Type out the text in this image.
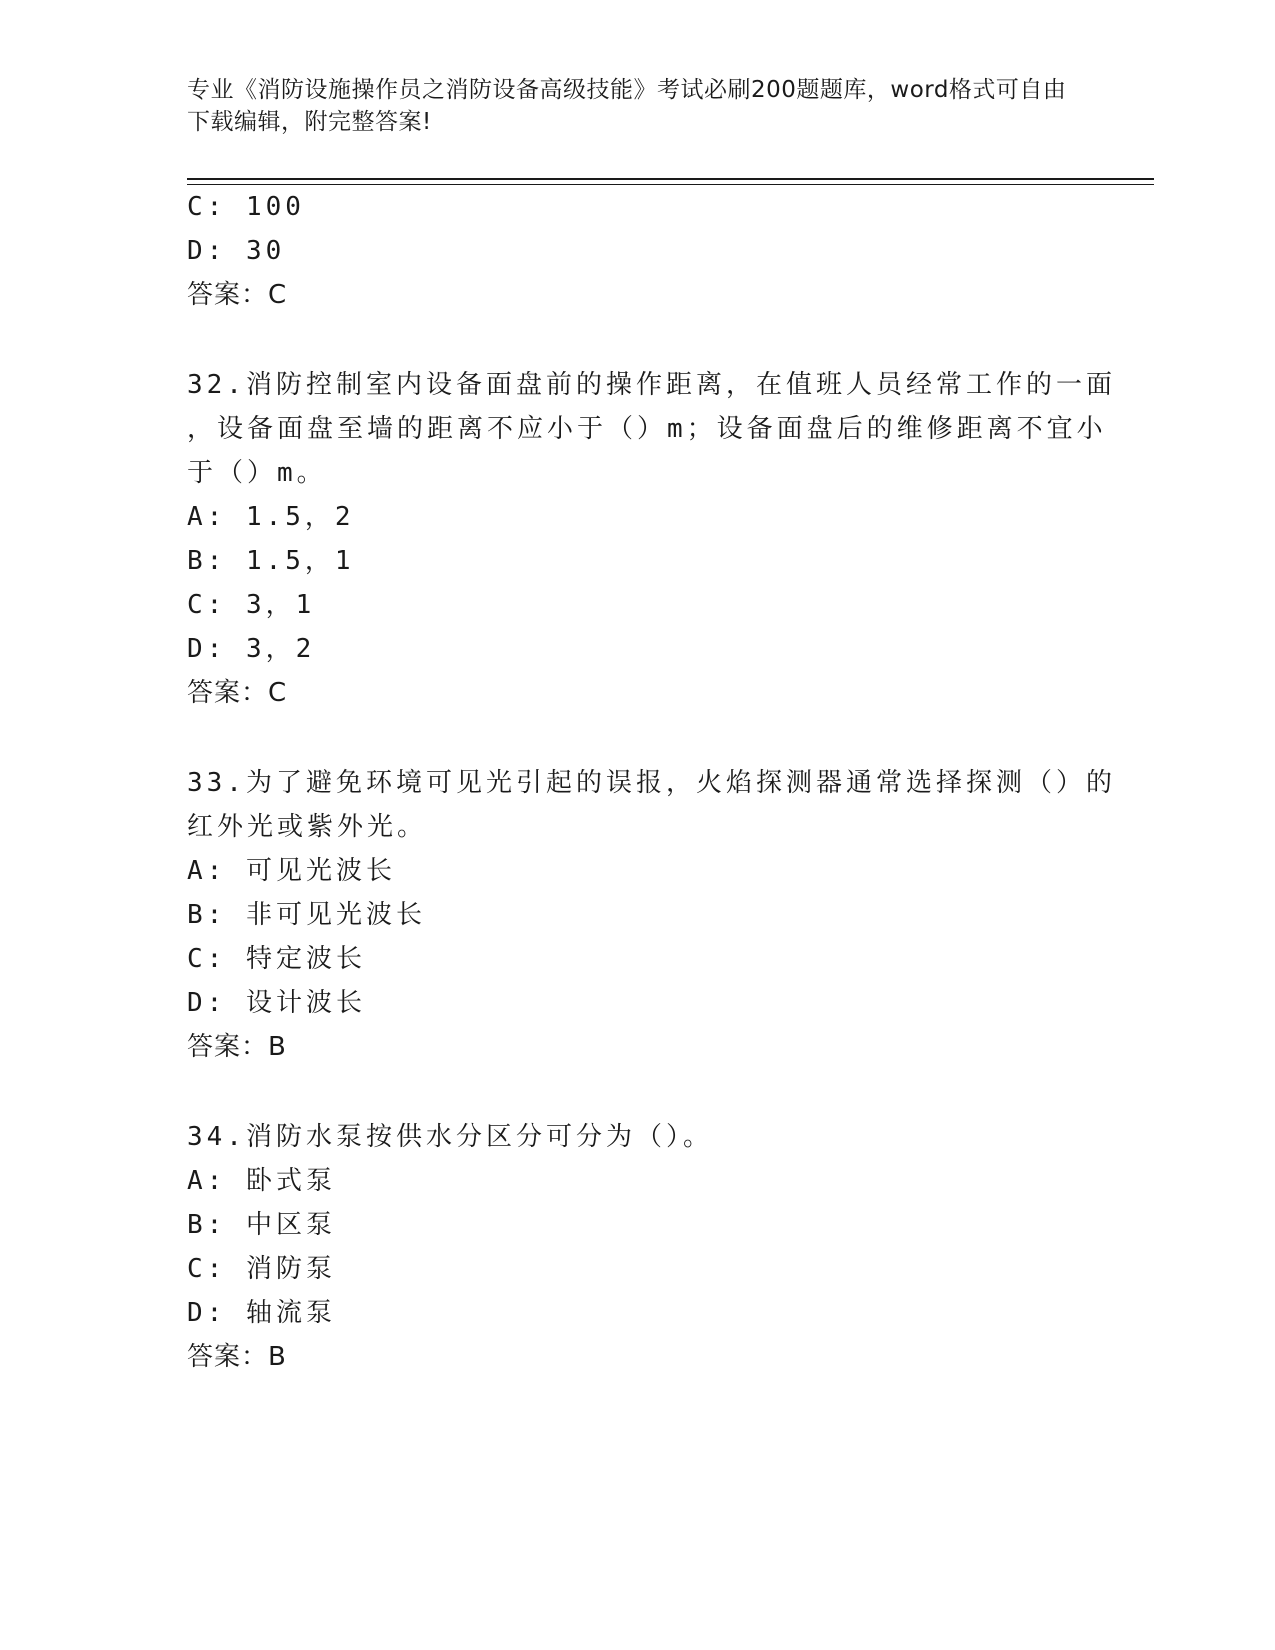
专业《消防设施操作员之消防设备高级技能》考试必刷200题题库，word格式可自由下载编辑，附完整答案!
C: 100
D: 30
答案：C
32.消防控制室内设备面盘前的操作距离，在值班人员经常工作的一面
，设备面盘至墙的距离不应小于（）m；设备面盘后的维修距离不宜小
于（）m。
A: 1.5，2
B: 1.5，1
C: 3，1
D: 3，2
答案：C
33.为了避免环境可见光引起的误报，火焰探测器通常选择探测（）的
红外光或紫外光。
A: 可见光波长
B: 非可见光波长
C: 特定波长
D: 设计波长
答案：B
34.消防水泵按供水分区分可分为（）。
A: 卧式泵
B: 中区泵
C: 消防泵
D: 轴流泵
答案：B
